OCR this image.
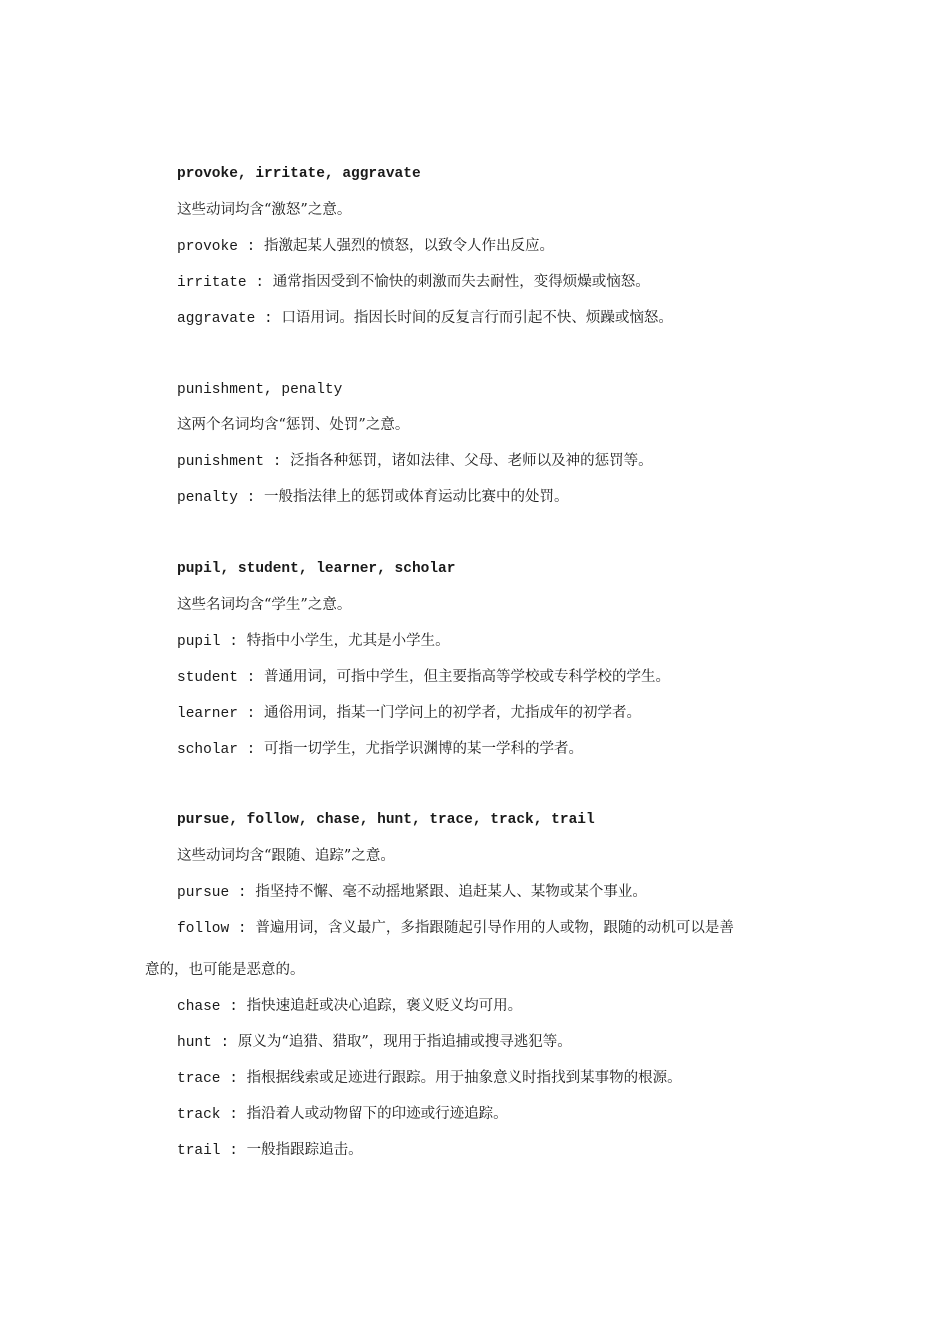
provoke, irritate, aggravate
这些动词均含“激怒”之意。
provoke : 指激起某人强烈的愤怒，以致令人作出反应。
irritate : 通常指因受到不愉快的刺激而失去耐性，变得烦燥或恼怒。
aggravate : 口语用词。指因长时间的反复言行而引起不快、烦躁或恼怒。
punishment, penalty
这两个名词均含“惩罚、处罚”之意。
punishment : 泛指各种惩罚，诸如法律、父母、老师以及神的惩罚等。
penalty : 一般指法律上的惩罚或体育运动比赛中的处罚。
pupil, student, learner, scholar
这些名词均含“学生”之意。
pupil : 特指中小学生，尤其是小学生。
student : 普通用词，可指中学生，但主要指高等学校或专科学校的学生。
learner : 通俗用词，指某一门学问上的初学者，尤指成年的初学者。
scholar : 可指一切学生，尤指学识渊博的某一学科的学者。
pursue, follow, chase, hunt, trace, track, trail
这些动词均含“跟随、追踪”之意。
pursue : 指坚持不懈、毫不动摇地紧跟、追赶某人、某物或某个事业。
follow : 普遍用词，含义最广，多指跟随起引导作用的人或物，跟随的动机可以是善
意的，也可能是恶意的。
chase : 指快速追赶或决心追踪，褒义贬义均可用。
hunt : 原义为“追猎、猎取”，现用于指追捕或搜寻逃犯等。
trace : 指根据线索或足迹进行跟踪。用于抽象意义时指找到某事物的根源。
track : 指沿着人或动物留下的印迹或行迹追踪。
trail : 一般指跟踪追击。
